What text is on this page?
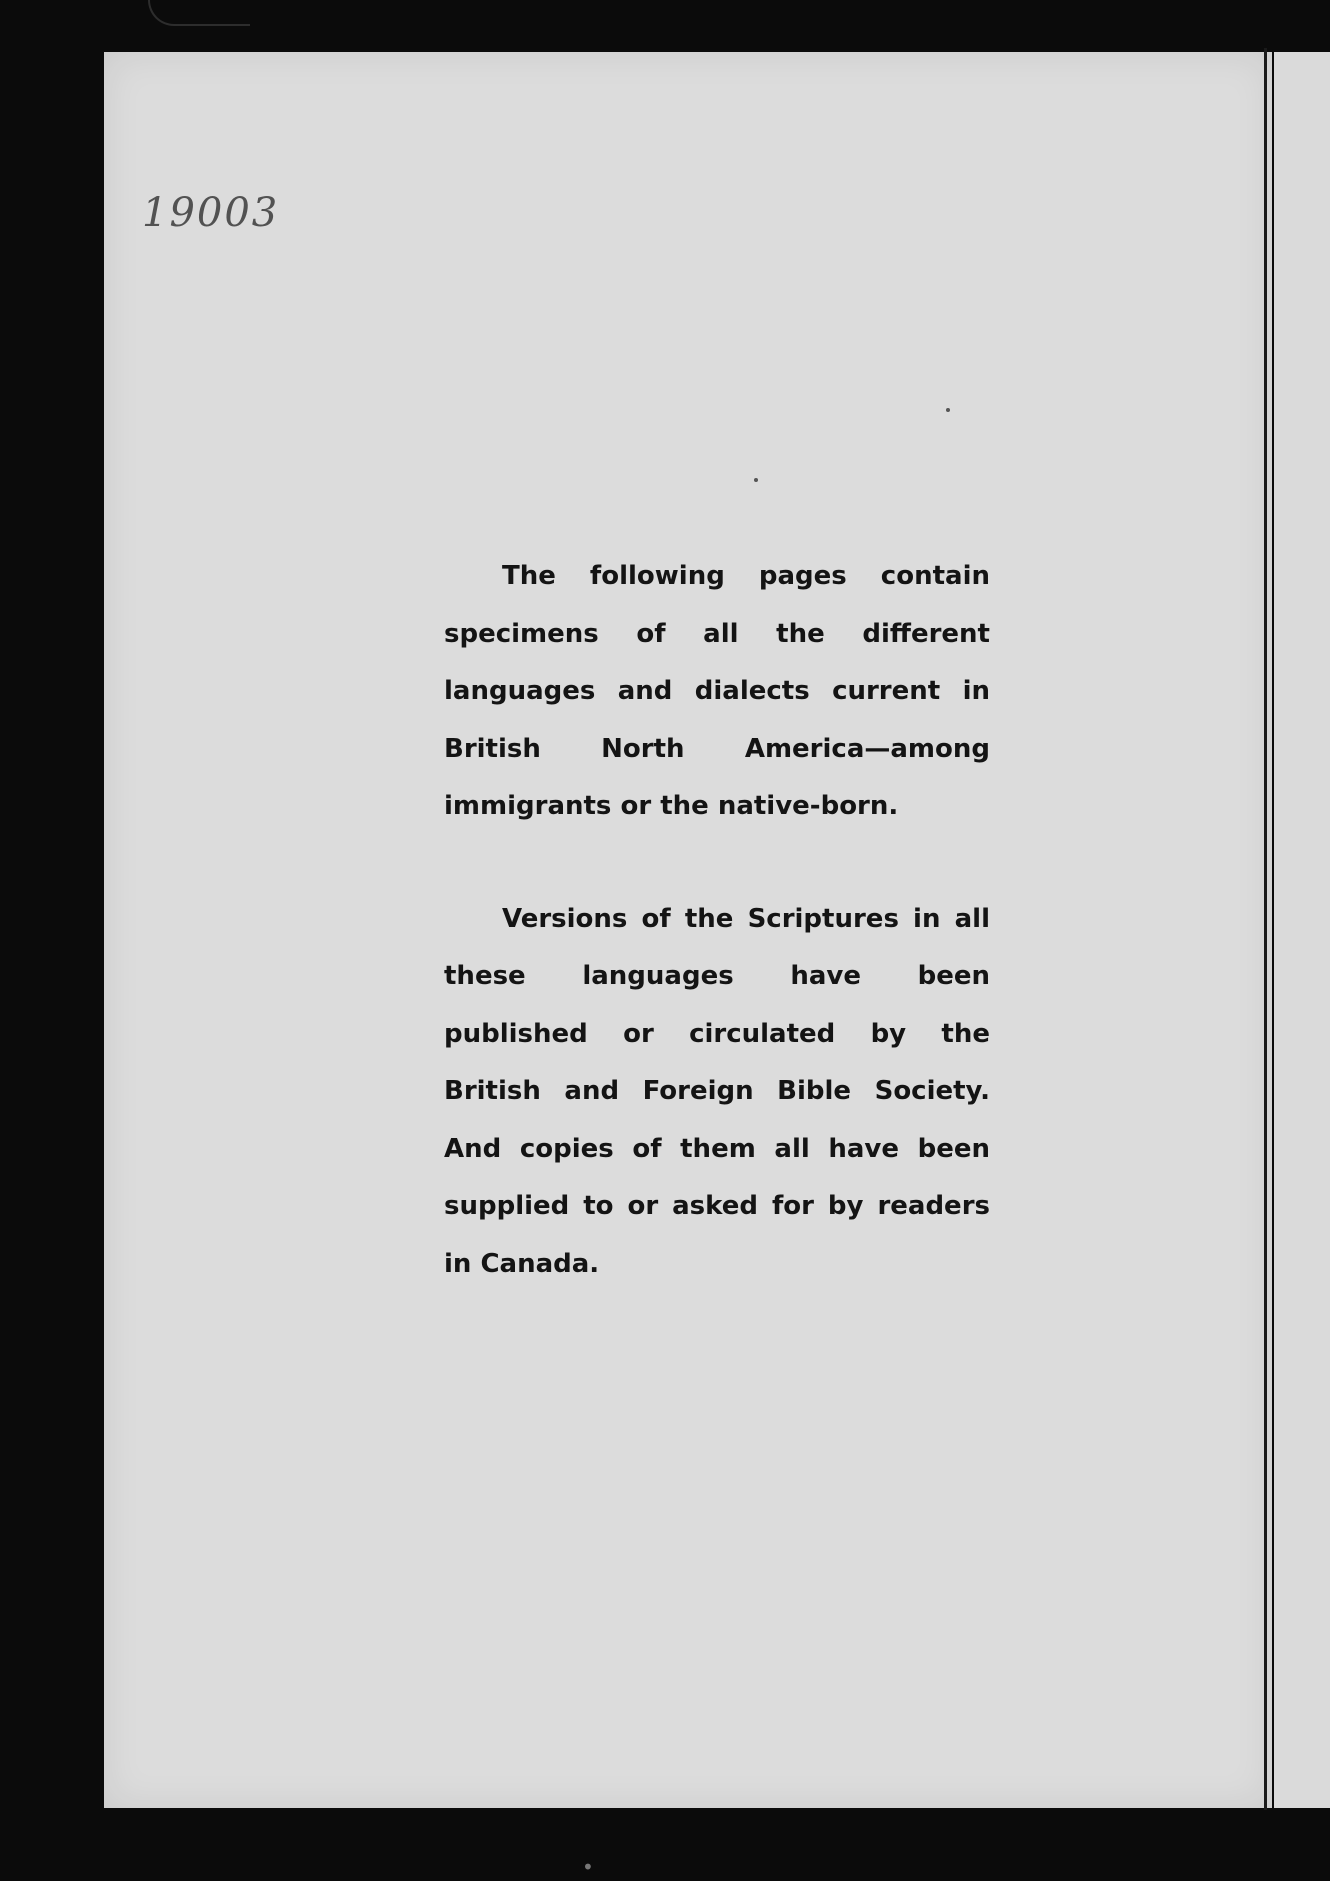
19003

The following pages contain specimens of all the different languages and dialects current in British North America—among immigrants or the native-born.

Versions of the Scriptures in all these languages have been published or circulated by the British and Foreign Bible Society. And copies of them all have been supplied to or asked for by readers in Canada.

•
